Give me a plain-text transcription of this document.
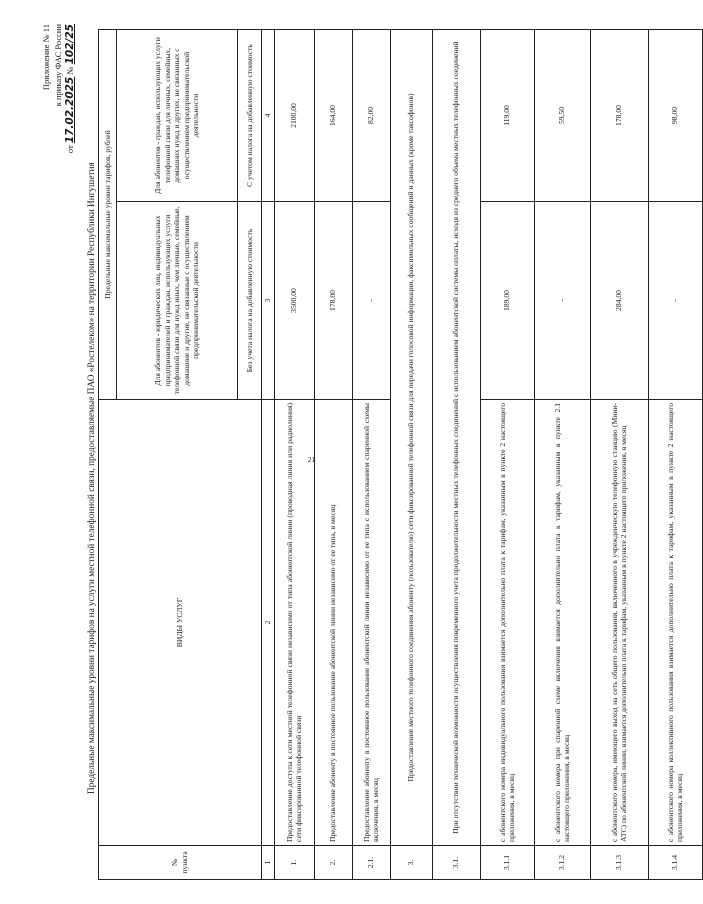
21
Приложение № 11 к приказу ФАС России
от 17.02.2025 № 102/25
Предельные максимальные уровни тарифов на услуги местной телефонной связи, предоставляемые ПАО «Ростелеком» на территории Республики Ингушетия
№ пункта	ВИДЫ УСЛУГ	Предельные максимальные уровни тарифов, рублей	
		Для абонентов - юридических лиц, индивидуальных предпринимателей и граждан, использующих услуги телефонной связи для нужд иных, чем личные, семейные, домашние и другие, не связанные с осуществлением предпринимательской деятельности	Для абонентов - граждан, использующих услуги телефонной связи для личных, семейных, домашних нужд и других, не связанных с осуществлением предпринимательской деятельности
		Без учета налога на добавленную стоимость	С учетом налога на добавленную стоимость
1	2	3	4
1.	Предоставление доступа к сети местной телефонной связи независимо от типа абонентской линии (проводная линия или радиолиния) сети фиксированной телефонной связи	3500,00	2100,00
2.	Предоставление абоненту в постоянное пользование абонентской линии независимо от ее типа, в месяц	178,00	164,00
2.1.	Предоставление абоненту в постоянное пользование абонентской линии независимо от ее типа с использованием спаренной схемы включения, в месяц	-	82,00
3.	Предоставление местного телефонного соединения абоненту (пользователю) сети фиксированной телефонной связи для передачи голосовой информации, факсимильных сообщений и данных (кроме таксофонов)		
3.1.	При отсутствии технической возможности осуществления повременного учета продолжительности местных телефонных соединений с использованием абонентской системы оплаты, исходя из среднего объема местных телефонных соединений		
3.1.1	с абонентского номера индивидуального пользования взимается дополнительно плата к тарифам, указанным в пункте 2 настоящего приложения, в месяц	189,00	119,00
3.1.2	с абонентского номера при спаренной схеме включения взимается дополнительно плата к тарифам, указанным в пункте 2.1 настоящего приложения, в месяц	-	59,50
3.1.3	с абонентского номера, имеющего выход на сеть общего пользования, включенного в учрежденческую телефонную станцию (Мини-АТС) по абонентской линии, взимается дополнительно плата к тарифам, указанным в пункте 2 настоящего приложения, в месяц	284,00	178,00
3.1.4	с абонентского номера коллективного пользования взимается дополнительно плата к тарифам, указанным в пункте 2 настоящего приложения, в месяц	-	98,00
